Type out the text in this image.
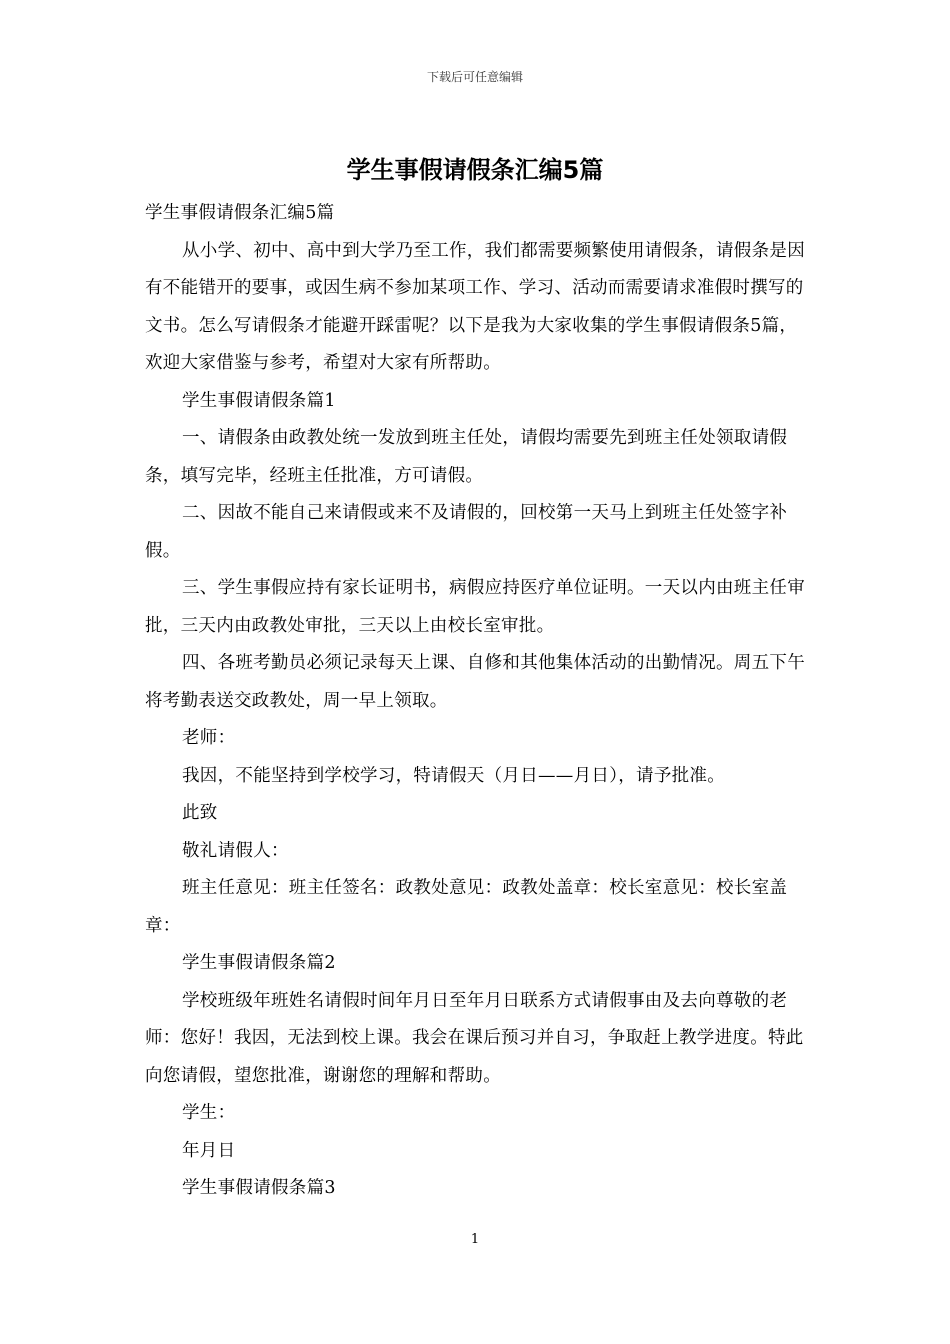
下载后可任意编辑
学生事假请假条汇编5篇

学生事假请假条汇编5篇

从小学、初中、高中到大学乃至工作，我们都需要频繁使用请假条，请假条是因有不能错开的要事，或因生病不参加某项工作、学习、活动而需要请求准假时撰写的文书。怎么写请假条才能避开踩雷呢？以下是我为大家收集的学生事假请假条5篇，欢迎大家借鉴与参考，希望对大家有所帮助。

学生事假请假条篇1

一、请假条由政教处统一发放到班主任处，请假均需要先到班主任处领取请假条，填写完毕，经班主任批准，方可请假。

二、因故不能自己来请假或来不及请假的，回校第一天马上到班主任处签字补假。

三、学生事假应持有家长证明书，病假应持医疗单位证明。一天以内由班主任审批，三天内由政教处审批，三天以上由校长室审批。

四、各班考勤员必须记录每天上课、自修和其他集体活动的出勤情况。周五下午将考勤表送交政教处，周一早上领取。

老师：

我因，不能坚持到学校学习，特请假天（月日——月日），请予批准。

此致

敬礼请假人：

班主任意见：班主任签名：政教处意见：政教处盖章：校长室意见：校长室盖章：

学生事假请假条篇2

学校班级年班姓名请假时间年月日至年月日联系方式请假事由及去向尊敬的老师：您好！我因，无法到校上课。我会在课后预习并自习，争取赶上教学进度。特此向您请假，望您批准，谢谢您的理解和帮助。

学生：

年月日

学生事假请假条篇3

1
